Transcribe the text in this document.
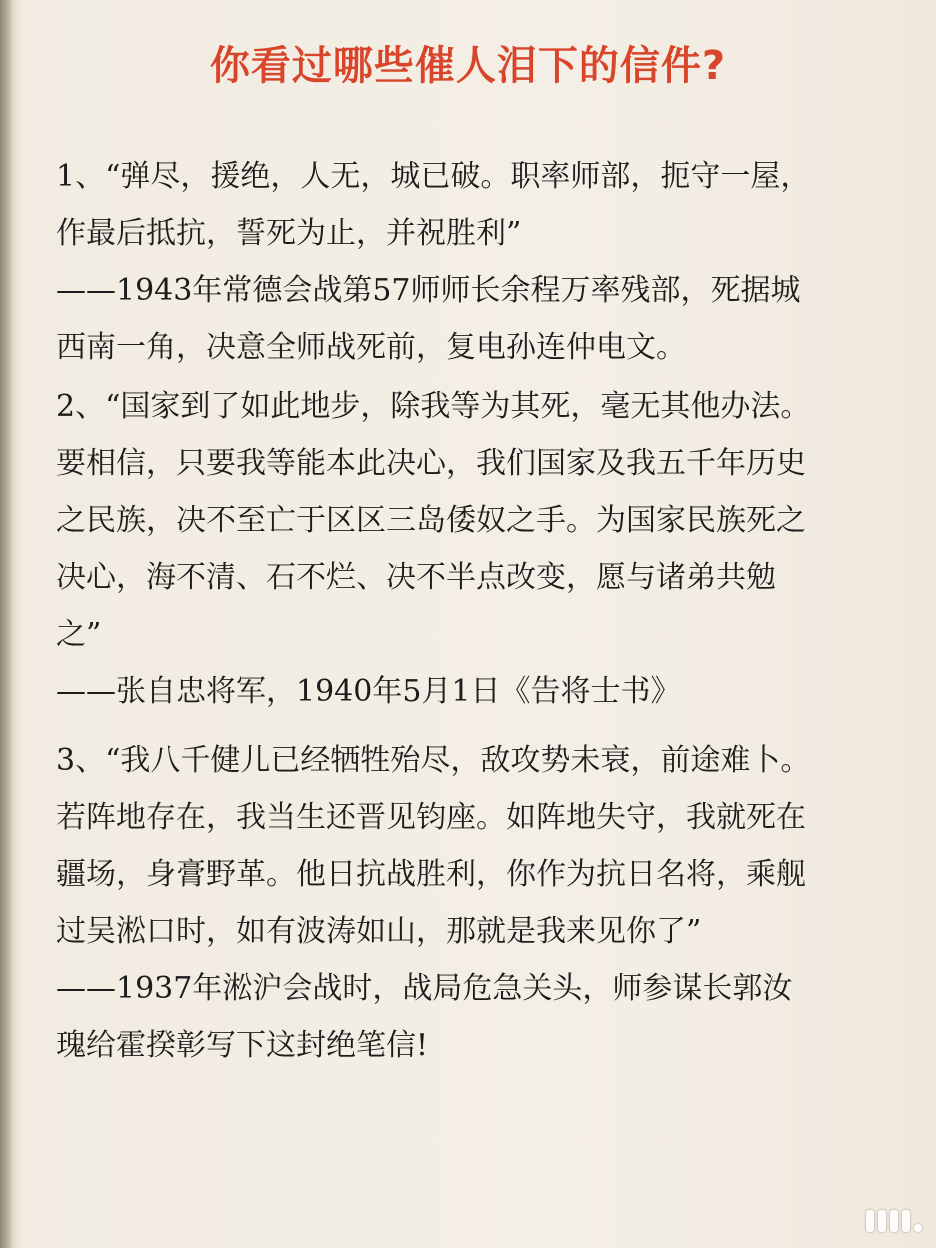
你看过哪些催人泪下的信件?

1、“弹尽，援绝，人无，城已破。职率师部，扼守一屋，作最后抵抗，誓死为止，并祝胜利”

——1943年常德会战第57师师长余程万率残部，死据城西南一角，决意全师战死前，复电孙连仲电文。

2、“国家到了如此地步，除我等为其死，毫无其他办法。要相信，只要我等能本此决心，我们国家及我五千年历史之民族，决不至亡于区区三岛倭奴之手。为国家民族死之决心，海不清、石不烂、决不半点改变，愿与诸弟共勉之”

——张自忠将军，1940年5月1日《告将士书》

3、“我八千健儿已经牺牲殆尽，敌攻势未衰，前途难卜。若阵地存在，我当生还晋见钧座。如阵地失守，我就死在疆场，身膏野革。他日抗战胜利，你作为抗日名将，乘舰过吴淞口时，如有波涛如山，那就是我来见你了”

——1937年淞沪会战时，战局危急关头，师参谋长郭汝瑰给霍揆彰写下这封绝笔信!
